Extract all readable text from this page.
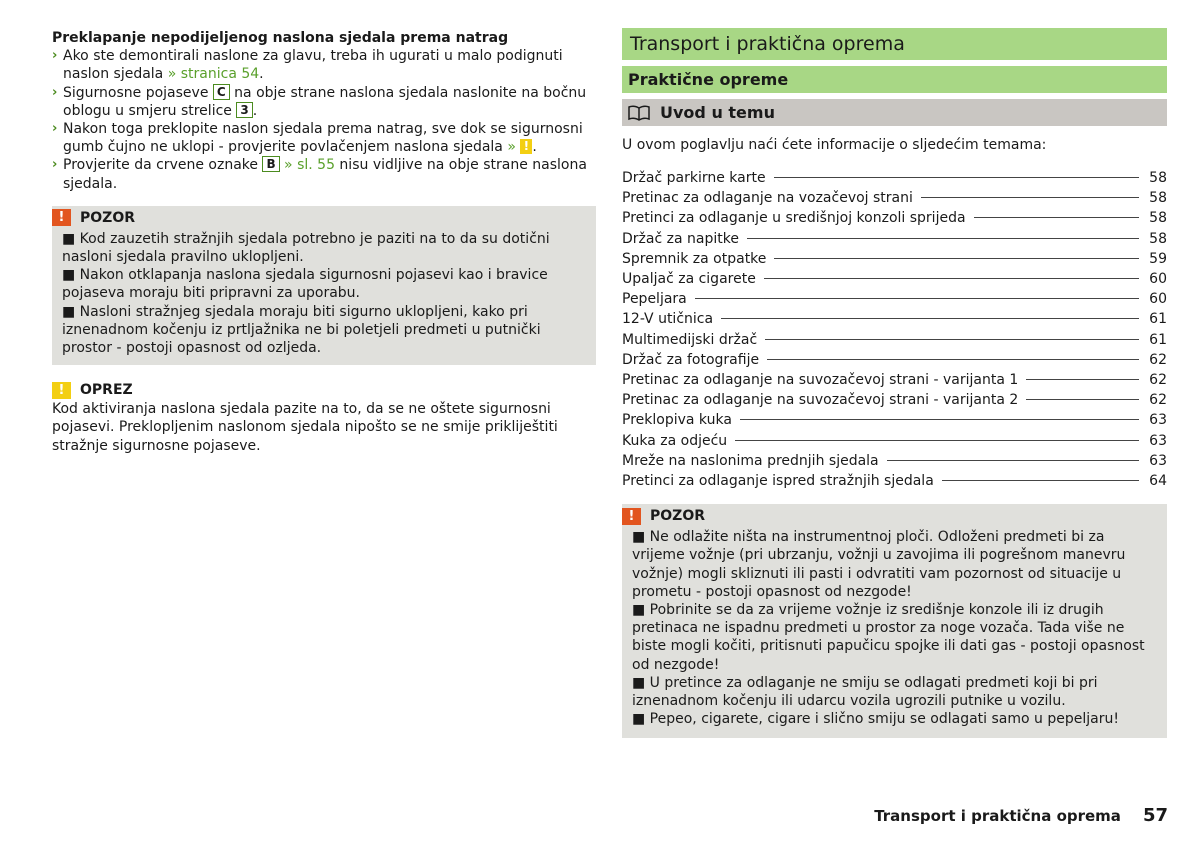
Preklapanje nepodijeljenog naslona sjedala prema natrag

› Ako ste demontirali naslone za glavu, treba ih ugurati u malo podignuti naslon sjedala » stranica 54.

› Sigurnosne pojaseve C na obje strane naslona sjedala naslonite na bočnu oblogu u smjeru strelice 3 .

› Nakon toga preklopite naslon sjedala prema natrag, sve dok se sigurnosni gumb čujno ne uklopi - provjerite povlačenjem naslona sjedala » ! .

› Provjerite da crvene oznake B » sl. 55 nisu vidljive na obje strane naslona sjedala.

!	POZOR

■ Kod zauzetih stražnjih sjedala potrebno je paziti na to da su dotični nasloni sjedala pravilno uklopljeni.

■ Nakon otklapanja naslona sjedala sigurnosni pojasevi kao i bravice pojaseva moraju biti pripravni za uporabu.

■ Nasloni stražnjeg sjedala moraju biti sigurno uklopljeni, kako pri iznenadnom kočenju iz prtljažnika ne bi poletjeli predmeti u putnički prostor - postoji opasnost od ozljeda.

!	OPREZ

Kod aktiviranja naslona sjedala pazite na to, da se ne oštete sigurnosni pojasevi. Preklopljenim naslonom sjedala nipošto se ne smije prikliještiti stražnje sigurnosne pojaseve.

Transport i praktična oprema
Praktične opreme
Uvod u temu

U ovom poglavlju naći ćete informacije o sljedećim temama:

Držač parkirne karte	58
Pretinac za odlaganje na vozačevoj strani	58
Pretinci za odlaganje u središnjoj konzoli sprijeda	58
Držač za napitke	58
Spremnik za otpatke	59
Upaljač za cigarete	60
Pepeljara	60
12-V utičnica	61
Multimedijski držač	61
Držač za fotografije	62
Pretinac za odlaganje na suvozačevoj strani - varijanta 1	62
Pretinac za odlaganje na suvozačevoj strani - varijanta 2	62
Preklopiva kuka	63
Kuka za odjeću	63
Mreže na naslonima prednjih sjedala	63
Pretinci za odlaganje ispred stražnjih sjedala	64
!	POZOR

■ Ne odlažite ništa na instrumentnoj ploči. Odloženi predmeti bi za vrijeme vožnje (pri ubrzanju, vožnji u zavojima ili pogrešnom manevru vožnje) mogli skliznuti ili pasti i odvratiti vam pozornost od situacije u prometu - postoji opasnost od nezgode!

■ Pobrinite se da za vrijeme vožnje iz središnje konzole ili iz drugih pretinaca ne ispadnu predmeti u prostor za noge vozača. Tada više ne biste mogli kočiti, pritisnuti papučicu spojke ili dati gas - postoji opasnost od nezgode!

■ U pretince za odlaganje ne smiju se odlagati predmeti koji bi pri iznenadnom kočenju ili udarcu vozila ugrozili putnike u vozilu.

■ Pepeo, cigarete, cigare i slično smiju se odlagati samo u pepeljaru!

Transport i praktična oprema 57
